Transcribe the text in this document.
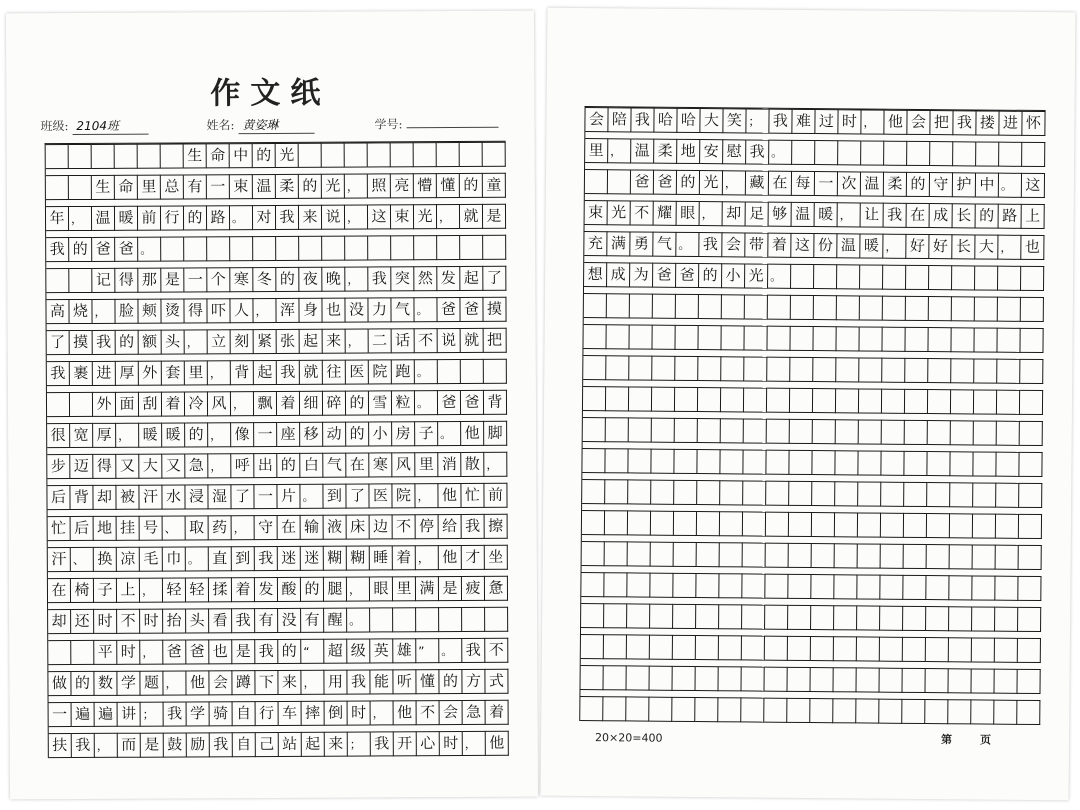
作文纸
班级: 2104班	姓名: 黄姿琳	学号:
生 命 中 的 光
生 命 里 总 有 一 束 温 柔 的 光 ， 照 亮 懵 懂 的 童
年 ， 温 暖 前 行 的 路 。 对 我 来 说 ， 这 束 光 ， 就 是
我 的 爸 爸 。
记 得 那 是 一 个 寒 冬 的 夜 晚 ， 我 突 然 发 起 了
高 烧 ， 脸 颊 烫 得 吓 人 ， 浑 身 也 没 力 气 。 爸 爸 摸
了 摸 我 的 额 头 ， 立 刻 紧 张 起 来 ， 二 话 不 说 就 把
我 裹 进 厚 外 套 里 ， 背 起 我 就 往 医 院 跑 。
外 面 刮 着 冷 风 ， 飘 着 细 碎 的 雪 粒 。 爸 爸 背
很 宽 厚 ， 暖 暖 的 ， 像 一 座 移 动 的 小 房 子 。 他 脚
步 迈 得 又 大 又 急 ， 呼 出 的 白 气 在 寒 风 里 消 散 ，
后 背 却 被 汗 水 浸 湿 了 一 片 。 到 了 医 院 ， 他 忙 前
忙 后 地 挂 号 、 取 药 ， 守 在 输 液 床 边 不 停 给 我 擦
汗 、 换 凉 毛 巾 。 直 到 我 迷 迷 糊 糊 睡 着 ， 他 才 坐
在 椅 子 上 ， 轻 轻 揉 着 发 酸 的 腿 ， 眼 里 满 是 疲 惫
却 还 时 不 时 抬 头 看 我 有 没 有 醒 。
平 时 ， 爸 爸 也 是 我 的 “	超 级 英 雄 ”	。 我 不
做 的 数 学 题 ， 他 会 蹲 下 来 ， 用 我 能 听 懂 的 方 式
一 遍 遍 讲 ； 我 学 骑 自 行 车 摔 倒 时 ， 他 不 会 急 着
扶 我 ， 而 是 鼓 励 我 自 己 站 起 来 ； 我 开 心 时 ， 他
会 陪 我 哈 哈 大 笑 ； 我 难 过 时 ， 他 会 把 我 搂 进 怀
里 ， 温 柔 地 安 慰 我 。
爸 爸 的 光 ， 藏 在 每 一 次 温 柔 的 守 护 中 。 这
束 光 不 耀 眼 ， 却 足 够 温 暖 ， 让 我 在 成 长 的 路 上
充 满 勇 气 。 我 会 带 着 这 份 温 暖 ， 好 好 长 大 ， 也
想 成 为 爸 爸 的 小 光 。
20×20=400	第页
